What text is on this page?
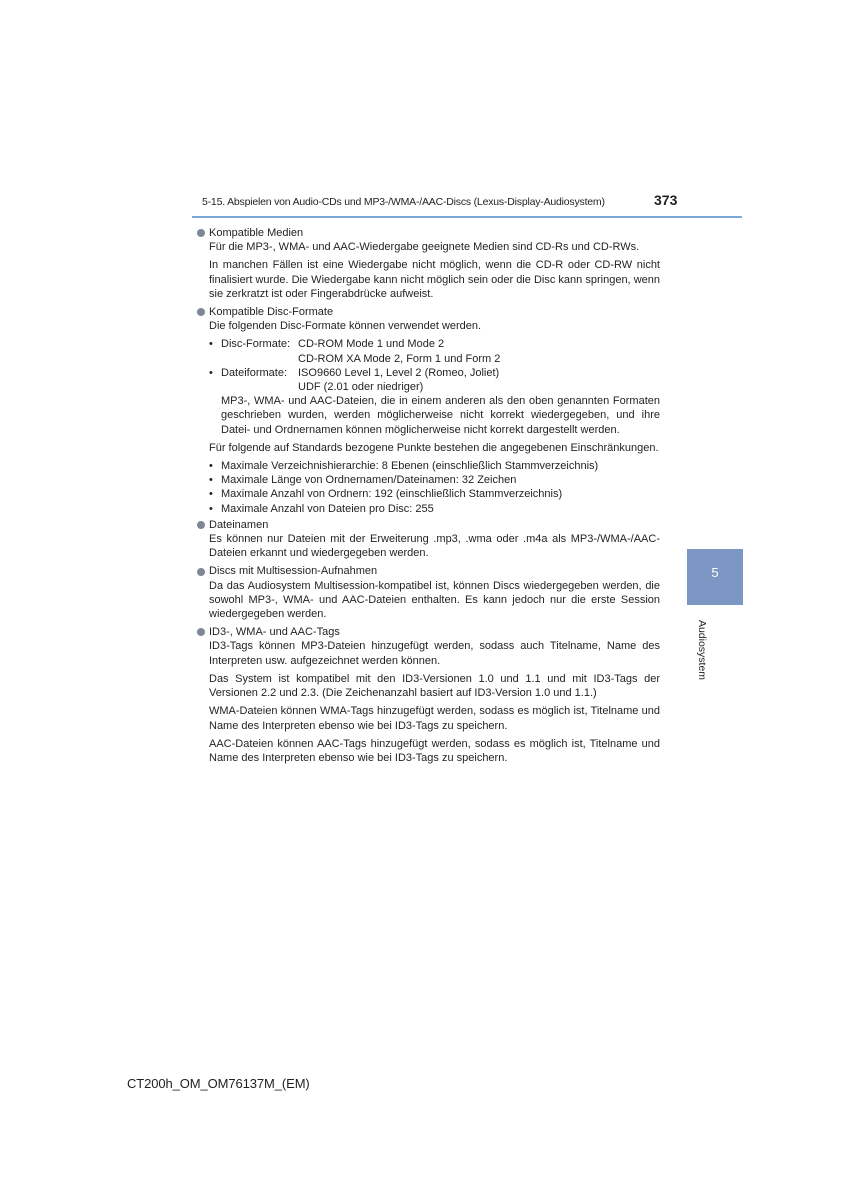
5-15. Abspielen von Audio-CDs und MP3-/WMA-/AAC-Discs (Lexus-Display-Audiosystem)	373
5
Audiosystem
Kompatible Medien

Für die MP3-, WMA- und AAC-Wiedergabe geeignete Medien sind CD-Rs und CD-RWs.

In manchen Fällen ist eine Wiedergabe nicht möglich, wenn die CD-R oder CD-RW nicht finalisiert wurde. Die Wiedergabe kann nicht möglich sein oder die Disc kann springen, wenn sie zerkratzt ist oder Fingerabdrücke aufweist.

Kompatible Disc-Formate

Die folgenden Disc-Formate können verwendet werden.

• Disc-Formate: CD-ROM Mode 1 und Mode 2
CD-ROM XA Mode 2, Form 1 und Form 2
• Dateiformate: ISO9660 Level 1, Level 2 (Romeo, Joliet)
UDF (2.01 oder niedriger)

MP3-, WMA- und AAC-Dateien, die in einem anderen als den oben genannten Formaten geschrieben wurden, werden möglicherweise nicht korrekt wiedergegeben, und ihre Datei- und Ordnernamen können möglicherweise nicht korrekt dargestellt werden.

Für folgende auf Standards bezogene Punkte bestehen die angegebenen Einschränkungen.

• Maximale Verzeichnishierarchie: 8 Ebenen (einschließlich Stammverzeichnis)
• Maximale Länge von Ordnernamen/Dateinamen: 32 Zeichen
• Maximale Anzahl von Ordnern: 192 (einschließlich Stammverzeichnis)
• Maximale Anzahl von Dateien pro Disc: 255
Dateinamen

Es können nur Dateien mit der Erweiterung .mp3, .wma oder .m4a als MP3-/WMA-/AAC-Dateien erkannt und wiedergegeben werden.

Discs mit Multisession-Aufnahmen

Da das Audiosystem Multisession-kompatibel ist, können Discs wiedergegeben werden, die sowohl MP3-, WMA- und AAC-Dateien enthalten. Es kann jedoch nur die erste Session wiedergegeben werden.

ID3-, WMA- und AAC-Tags

ID3-Tags können MP3-Dateien hinzugefügt werden, sodass auch Titelname, Name des Interpreten usw. aufgezeichnet werden können.

Das System ist kompatibel mit den ID3-Versionen 1.0 und 1.1 und mit ID3-Tags der Versionen 2.2 und 2.3. (Die Zeichenanzahl basiert auf ID3-Version 1.0 und 1.1.)

WMA-Dateien können WMA-Tags hinzugefügt werden, sodass es möglich ist, Titelname und Name des Interpreten ebenso wie bei ID3-Tags zu speichern.

AAC-Dateien können AAC-Tags hinzugefügt werden, sodass es möglich ist, Titelname und Name des Interpreten ebenso wie bei ID3-Tags zu speichern.

CT200h_OM_OM76137M_(EM)
